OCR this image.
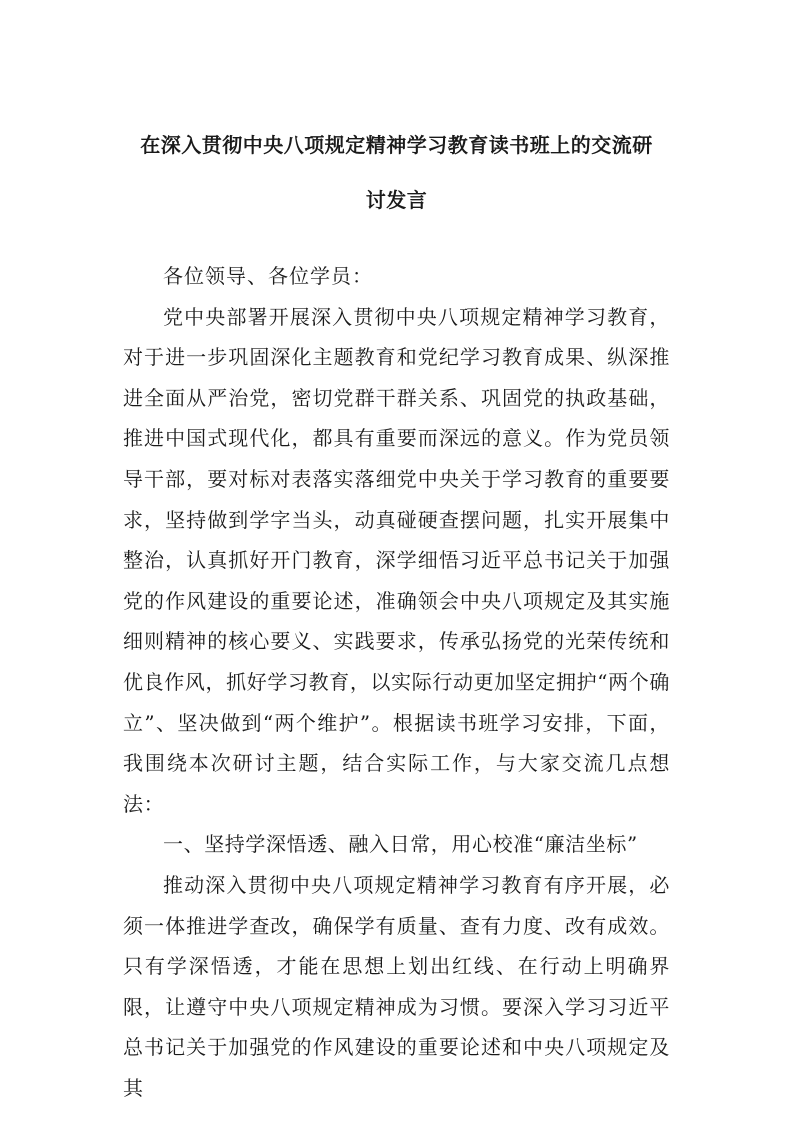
在深入贯彻中央八项规定精神学习教育读书班上的交流研
讨发言

各位领导、各位学员：

党中央部署开展深入贯彻中央八项规定精神学习教育，对于进一步巩固深化主题教育和党纪学习教育成果、纵深推进全面从严治党，密切党群干群关系、巩固党的执政基础，推进中国式现代化，都具有重要而深远的意义。作为党员领导干部，要对标对表落实落细党中央关于学习教育的重要要求，坚持做到学字当头，动真碰硬查摆问题，扎实开展集中整治，认真抓好开门教育，深学细悟习近平总书记关于加强党的作风建设的重要论述，准确领会中央八项规定及其实施细则精神的核心要义、实践要求，传承弘扬党的光荣传统和优良作风，抓好学习教育，以实际行动更加坚定拥护“两个确立”、坚决做到“两个维护”。根据读书班学习安排，下面，我围绕本次研讨主题，结合实际工作，与大家交流几点想法：

一、坚持学深悟透、融入日常，用心校准“廉洁坐标”

推动深入贯彻中央八项规定精神学习教育有序开展，必须一体推进学查改，确保学有质量、查有力度、改有成效。只有学深悟透，才能在思想上划出红线、在行动上明确界限，让遵守中央八项规定精神成为习惯。要深入学习习近平总书记关于加强党的作风建设的重要论述和中央八项规定及其
